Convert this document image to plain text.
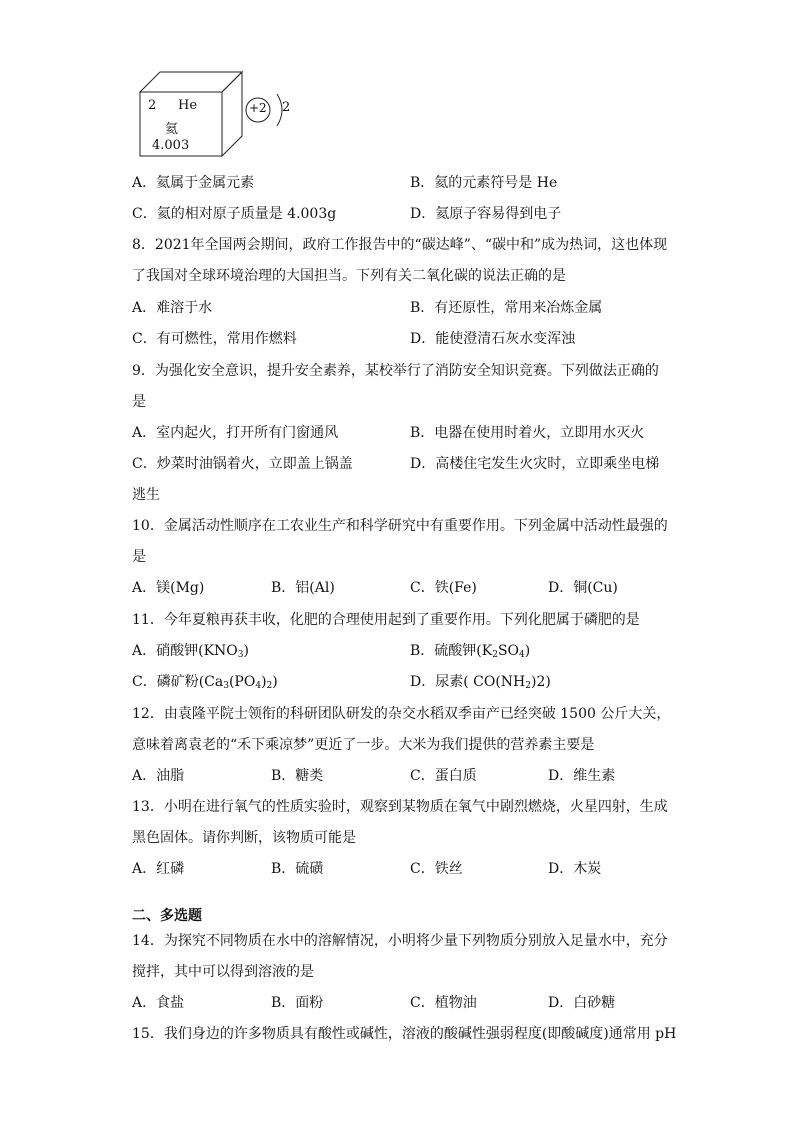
2 He
氦
4.003
+2 2
A．氦属于金属元素	B．氦的元素符号是 He
C．氦的相对原子质量是 4.003g	D．氦原子容易得到电子
8．2021年全国两会期间，政府工作报告中的“碳达峰”、“碳中和”成为热词，这也体现
了我国对全球环境治理的大国担当。下列有关二氧化碳的说法正确的是
A．难溶于水	B．有还原性，常用来冶炼金属
C．有可燃性，常用作燃料	D．能使澄清石灰水变浑浊
9．为强化安全意识，提升安全素养，某校举行了消防安全知识竞赛。下列做法正确的
是
A．室内起火，打开所有门窗通风	B．电器在使用时着火，立即用水灭火
C．炒菜时油锅着火，立即盖上锅盖	D．高楼住宅发生火灾时，立即乘坐电梯
逃生
10．金属活动性顺序在工农业生产和科学研究中有重要作用。下列金属中活动性最强的
是
A．镁(Mg)	B．铝(Al)	C．铁(Fe)	D．铜(Cu)
11．今年夏粮再获丰收，化肥的合理使用起到了重要作用。下列化肥属于磷肥的是
A．硝酸钾$(KNO_3)$	B．硫酸钾$(K_2SO_4)$
C．磷矿粉$(Ca_3(PO_4)_2)$	D．尿素( $CO(NH_2)2$)
12．由袁隆平院士领衔的科研团队研发的杂交水稻双季亩产已经突破 1500 公斤大关，
意味着离袁老的“禾下乘凉梦”更近了一步。大米为我们提供的营养素主要是
A．油脂	B．糖类	C．蛋白质	D．维生素
13．小明在进行氧气的性质实验时，观察到某物质在氧气中剧烈燃烧，火星四射，生成
黑色固体。请你判断，该物质可能是
A．红磷	B．硫磺	C．铁丝	D．木炭
二、多选题
14．为探究不同物质在水中的溶解情况，小明将少量下列物质分别放入足量水中，充分
搅拌，其中可以得到溶液的是
A．食盐	B．面粉	C．植物油	D．白砂糖
15．我们身边的许多物质具有酸性或碱性，溶液的酸碱性强弱程度(即酸碱度)通常用 pH
